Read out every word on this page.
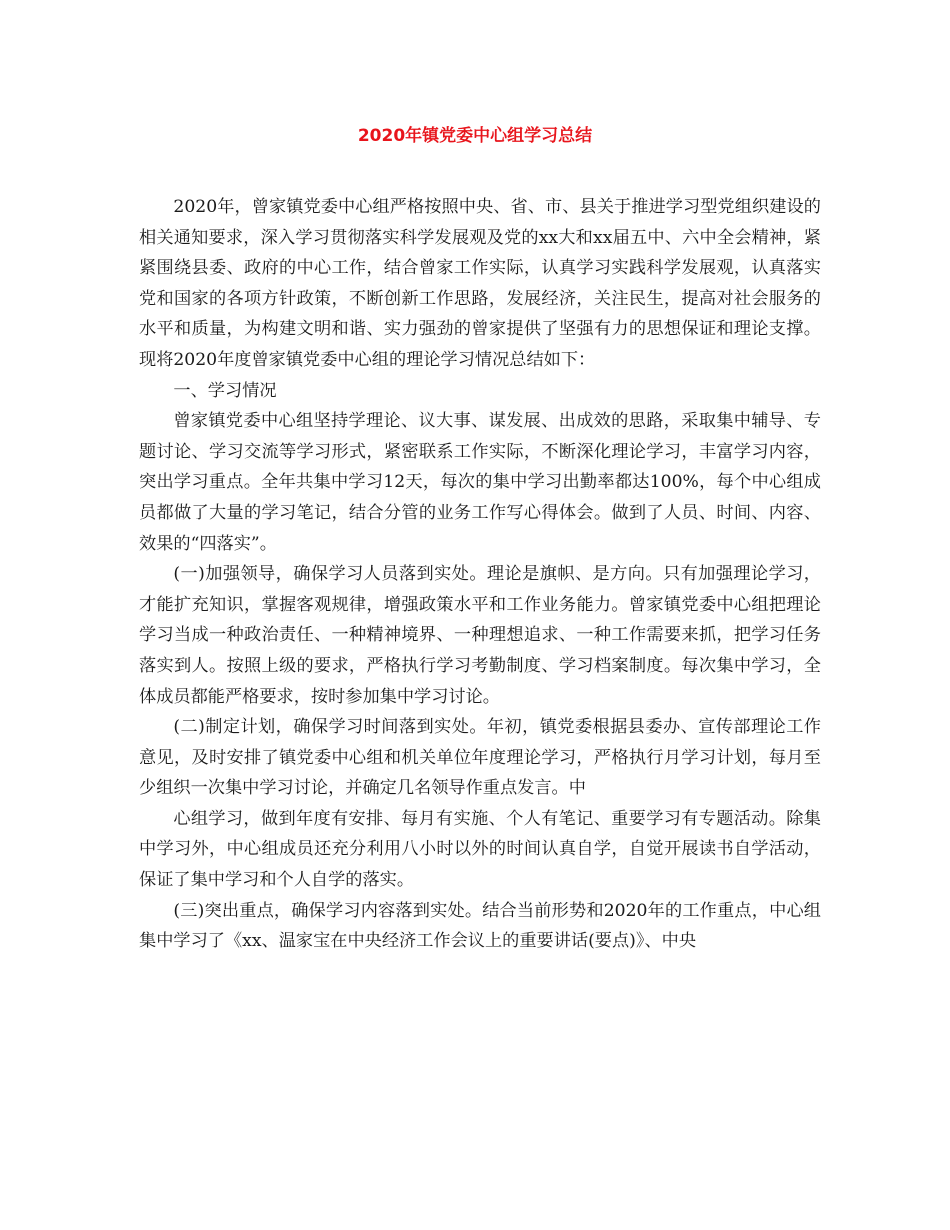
2020年镇党委中心组学习总结

2020年，曾家镇党委中心组严格按照中央、省、市、县关于推进学习型党组织建设的相关通知要求，深入学习贯彻落实科学发展观及党的xx大和xx届五中、六中全会精神，紧紧围绕县委、政府的中心工作，结合曾家工作实际，认真学习实践科学发展观，认真落实党和国家的各项方针政策，不断创新工作思路，发展经济，关注民生，提高对社会服务的水平和质量，为构建文明和谐、实力强劲的曾家提供了坚强有力的思想保证和理论支撑。现将2020年度曾家镇党委中心组的理论学习情况总结如下：

一、学习情况

曾家镇党委中心组坚持学理论、议大事、谋发展、出成效的思路，采取集中辅导、专题讨论、学习交流等学习形式，紧密联系工作实际，不断深化理论学习，丰富学习内容，突出学习重点。全年共集中学习12天，每次的集中学习出勤率都达100%，每个中心组成员都做了大量的学习笔记，结合分管的业务工作写心得体会。做到了人员、时间、内容、效果的“四落实”。

(一)加强领导，确保学习人员落到实处。理论是旗帜、是方向。只有加强理论学习，才能扩充知识，掌握客观规律，增强政策水平和工作业务能力。曾家镇党委中心组把理论学习当成一种政治责任、一种精神境界、一种理想追求、一种工作需要来抓，把学习任务落实到人。按照上级的要求，严格执行学习考勤制度、学习档案制度。每次集中学习，全体成员都能严格要求，按时参加集中学习讨论。

(二)制定计划，确保学习时间落到实处。年初，镇党委根据县委办、宣传部理论工作意见，及时安排了镇党委中心组和机关单位年度理论学习，严格执行月学习计划，每月至少组织一次集中学习讨论，并确定几名领导作重点发言。中

心组学习，做到年度有安排、每月有实施、个人有笔记、重要学习有专题活动。除集中学习外，中心组成员还充分利用八小时以外的时间认真自学，自觉开展读书自学活动，保证了集中学习和个人自学的落实。

(三)突出重点，确保学习内容落到实处。结合当前形势和2020年的工作重点，中心组集中学习了《xx、温家宝在中央经济工作会议上的重要讲话(要点)》、中央
